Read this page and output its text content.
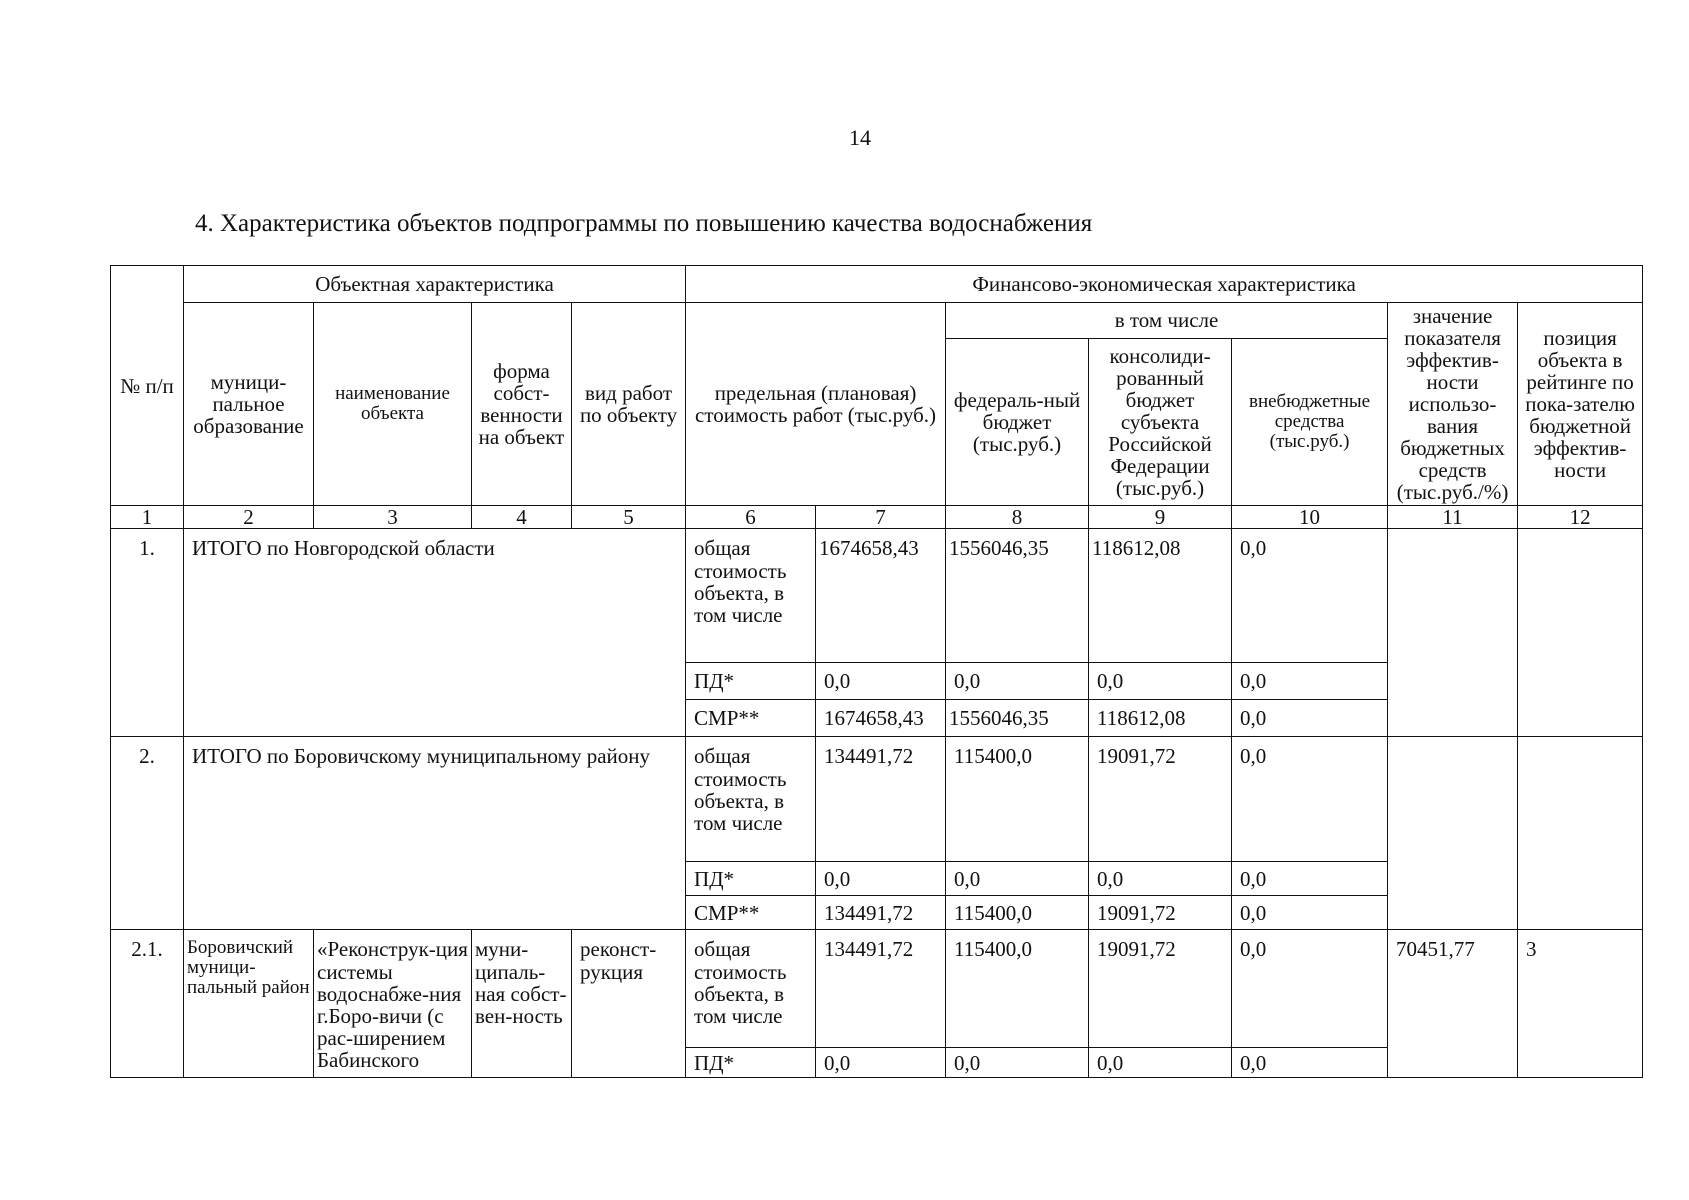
14
4. Характеристика объектов подпрограммы по повышению качества водоснабжения
№ п/п	Объектная характеристика				Финансово-экономическая характеристика						
	муници-пальное образование	наименование объекта	форма собст-венности на объект	вид работ по объекту	предельная (плановая) стоимость работ (тыс.руб.)		в том числе			значение показателя эффектив-ности использо-вания бюджетных средств (тыс.руб./%)	позиция объекта в рейтинге по пока-зателю бюджетной эффектив-ности
							федераль-ный бюджет (тыс.руб.)	консолиди-рованный бюджет субъекта Российской Федерации (тыс.руб.)	внебюджетные средства (тыс.руб.)		

1	2	3	4	5	6	7	8	9	10	11	12
1.	ИТОГО по Новгородской области				общая стоимость объекта, в том числе	1674658,43	1556046,35	118612,08	0,0		
					ПД*	0,0	0,0	0,0	0,0		
					СМР**	1674658,43	1556046,35	118612,08	0,0		
2.	ИТОГО по Боровичскому муниципальному району				общая стоимость объекта, в том числе	134491,72	115400,0	19091,72	0,0		
					ПД*	0,0	0,0	0,0	0,0		
					СМР**	134491,72	115400,0	19091,72	0,0		
2.1.	Боровичский муници-пальный район	«Реконструк-ция системы водоснабже-ния г.Боро-вичи (с рас-ширением Бабинского	муни-ципаль-ная собст-вен-ность	реконст-рукция	общая стоимость объекта, в том числе	134491,72	115400,0	19091,72	0,0	70451,77	3
					ПД*	0,0	0,0	0,0	0,0		
